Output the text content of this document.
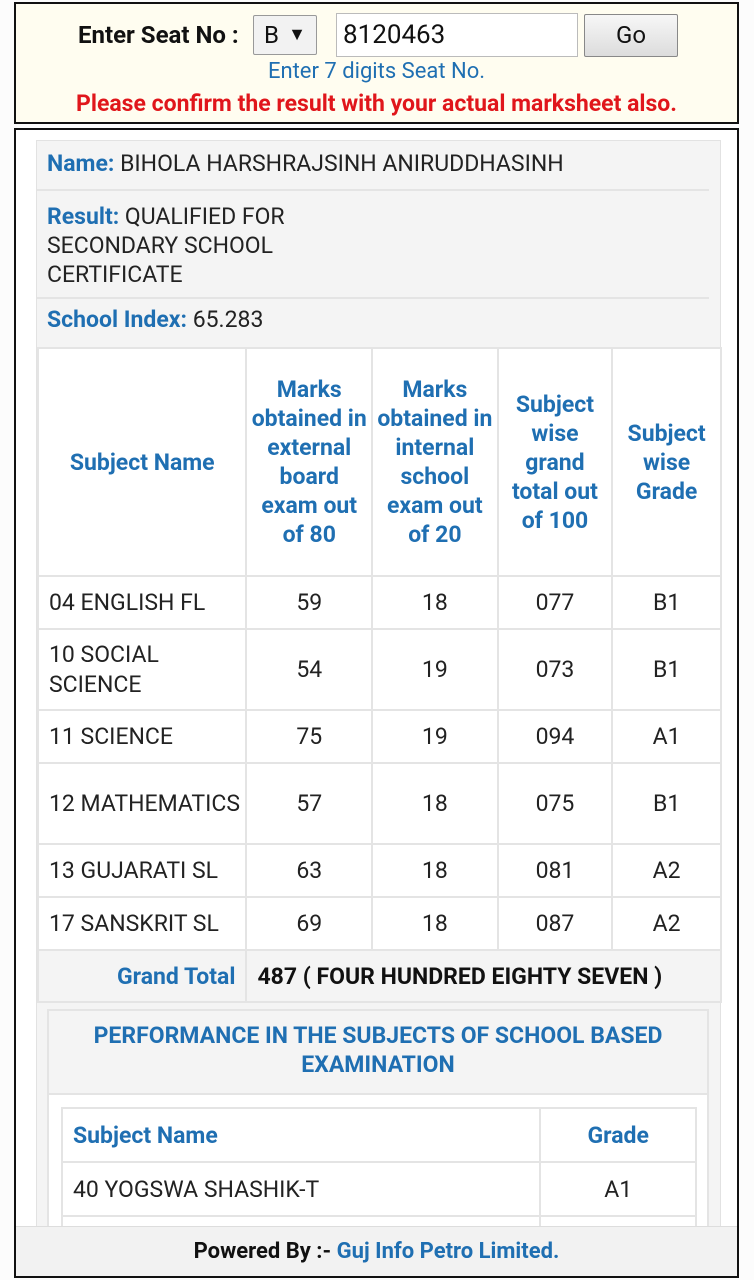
Enter Seat No :	B ▼ 8120463	Go
Enter 7 digits Seat No.
Please confirm the result with your actual marksheet also.
Name: BIHOLA HARSHRAJSINH ANIRUDDHASINH
Result: QUALIFIED FOR
SECONDARY SCHOOL
CERTIFICATE
School Index: 65.283
Subject Name	Marks obtained in external board exam out of 80	Marks obtained in internal school exam out of 20	Subject wise grand total out of 100	Subject wise Grade
04 ENGLISH FL	59	18	077	B1
10 SOCIAL SCIENCE	54	19	073	B1
11 SCIENCE	75	19	094	A1
12 MATHEMATICS	57	18	075	B1
13 GUJARATI SL	63	18	081	A2
17 SANSKRIT SL	69	18	087	A2
Grand Total	487 ( FOUR HUNDRED EIGHTY SEVEN )			
PERFORMANCE IN THE SUBJECTS OF SCHOOL BASED EXAMINATION
Subject Name	Grade
40 YOGSWA SHASHIK-T	A1

Powered By :- Guj Info Petro Limited.
